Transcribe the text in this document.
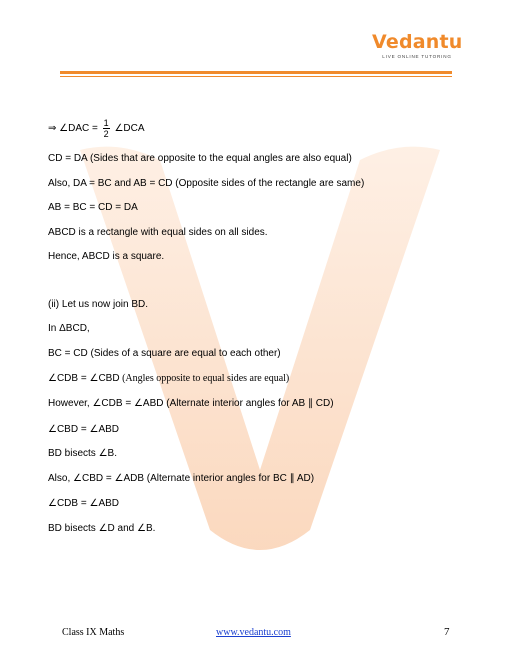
Vedantu
LIVE ONLINE TUTORING
⇒ ∠DAC = $\frac{1}{2}$ ∠DCA
CD = DA (Sides that are opposite to the equal angles are also equal)
Also, DA = BC and AB = CD (Opposite sides of the rectangle are same)
AB = BC = CD = DA
ABCD is a rectangle with equal sides on all sides.
Hence, ABCD is a square.
(ii) Let us now join BD.
In ΔBCD,
BC = CD (Sides of a square are equal to each other)
∠CDB = ∠CBD (Angles opposite to equal sides are equal)
However, ∠CDB = ∠ABD (Alternate interior angles for AB ∥ CD)
∠CBD = ∠ABD
BD bisects ∠B.
Also, ∠CBD = ∠ADB (Alternate interior angles for BC ∥ AD)
∠CDB = ∠ABD
BD bisects ∠D and ∠B.
Class IX Maths	www.vedantu.com	7
